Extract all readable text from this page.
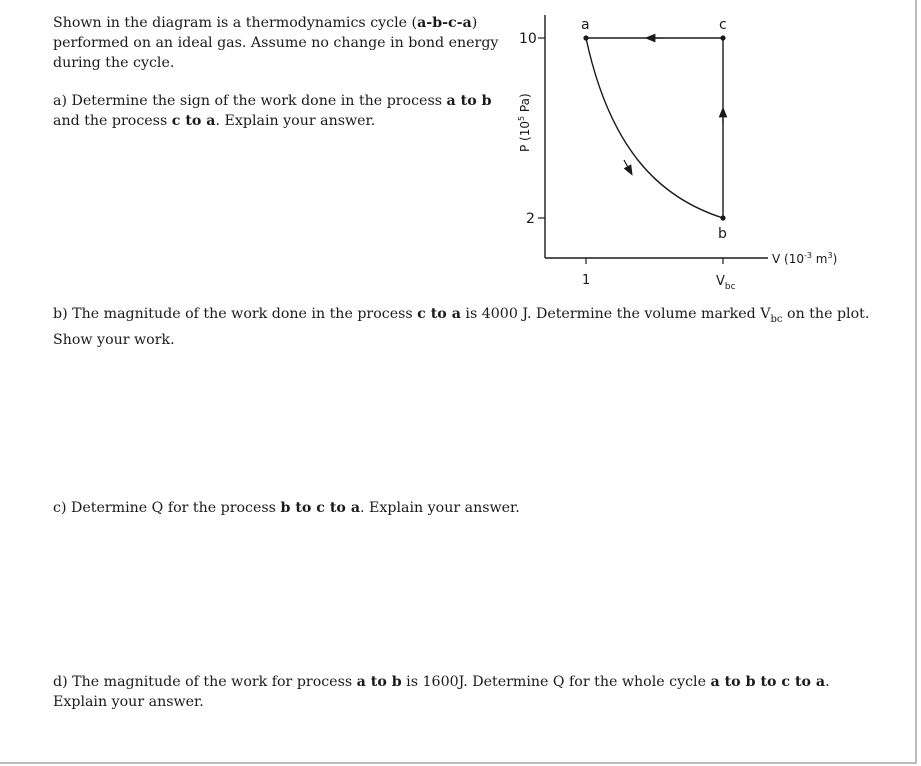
Shown in the diagram is a thermodynamics cycle (a-b-c-a)
performed on an ideal gas. Assume no change in bond energy
during the cycle.

a) Determine the sign of the work done in the process a to b
and the process c to a. Explain your answer.

b) The magnitude of the work done in the process c to a is 4000 J. Determine the volume marked $V_{bc}$ on the plot.
Show your work.

c) Determine Q for the process b to c to a. Explain your answer.

d) The magnitude of the work for process a to b is 1600J. Determine Q for the whole cycle a to b to c to a.
Explain your answer.

10
2
P ($10^5$ Pa)
1	$V_{bc}$
V ($10^{-3}$ $m^3$)
a
b
c
